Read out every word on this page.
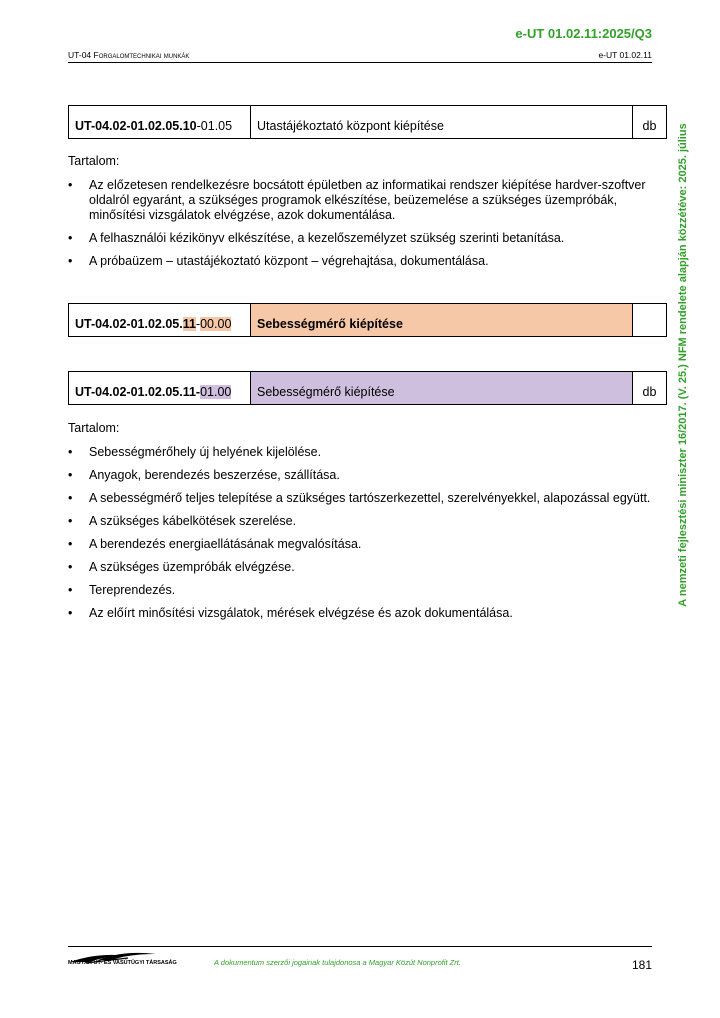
e-UT 01.02.11:2025/Q3
UT-04 Forgalomtechnikai munkák	e-UT 01.02.11
A nemzeti fejlesztési miniszter 16/2017. (V. 25.) NFM rendelete alapján közzétéve: 2025. július
UT-04.02-01.02.05.10 -01.05 Utastájékoztató központ kiépítése	db
Tartalom:
• Az előzetesen rendelkezésre bocsátott épületben az informatikai rendszer kiépítése hardver-szoftver oldalról egyaránt, a szükséges programok elkészítése, beüzemelése a szükséges üzempróbák, minősítési vizsgálatok elvégzése, azok dokumentálása.
• A felhasználói kézikönyv elkészítése, a kezelőszemélyzet szükség szerinti betanítása.
• A próbaüzem – utastájékoztató központ – végrehajtása, dokumentálása.
UT-04.02-01.02.05. 11 - 00.00 Sebességmérő kiépítése
UT-04.02-01.02.05.11- 01.00 Sebességmérő kiépítése	db
Tartalom:
• Sebességmérőhely új helyének kijelölése.
• Anyagok, berendezés beszerzése, szállítása.
• A sebességmérő teljes telepítése a szükséges tartószerkezettel, szerelvényekkel, alapozással együtt.
• A szükséges kábelkötések szerelése.
• A berendezés energiaellátásának megvalósítása.
• A szükséges üzempróbák elvégzése.
• Tereprendezés.
• Az előírt minősítési vizsgálatok, mérések elvégzése és azok dokumentálása.
MAGYAR ÚT- ÉS VASÚTÜGYI TÁRSASÁG	A dokumentum szerzői jogainak tulajdonosa a Magyar Közút Nonprofit Zrt.	181
